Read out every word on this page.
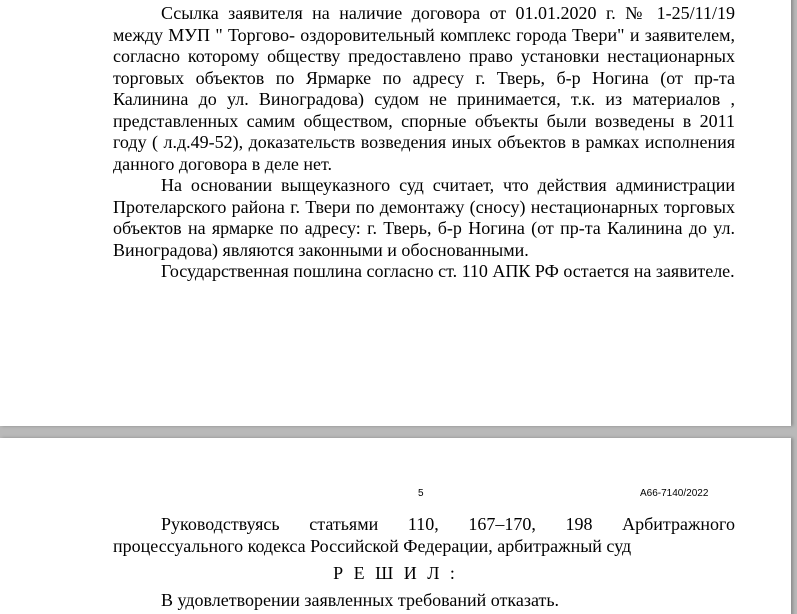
Ссылка заявителя на наличие договора от 01.01.2020 г. № 1-25/11/19 между МУП " Торгово- оздоровительный комплекс города Твери" и заявителем, согласно которому обществу предоставлено право установки нестационарных торговых объектов по Ярмарке по адресу г. Тверь, б-р Ногина (от пр-та Калинина до ул. Виноградова) судом не принимается, т.к. из материалов , представленных самим обществом, спорные объекты были возведены в 2011 году ( л.д.49-52), доказательств возведения иных объектов в рамках исполнения данного договора в деле нет.

На основании выщеуказного суд считает, что действия администрации Протеларского района г. Твери по демонтажу (сносу) нестационарных торговых объектов на ярмарке по адресу: г. Тверь, б-р Ногина (от пр-та Калинина до ул. Виноградова) являются законными и обоснованными.

Государственная пошлина согласно ст. 110 АПК РФ остается на заявителе.

5	А66-7140/2022

Руководствуясь статьями 110, 167–170, 198 Арбитражного процессуального кодекса Российской Федерации, арбитражный суд

Р Е Ш И Л :
В удовлетворении заявленных требований отказать.
